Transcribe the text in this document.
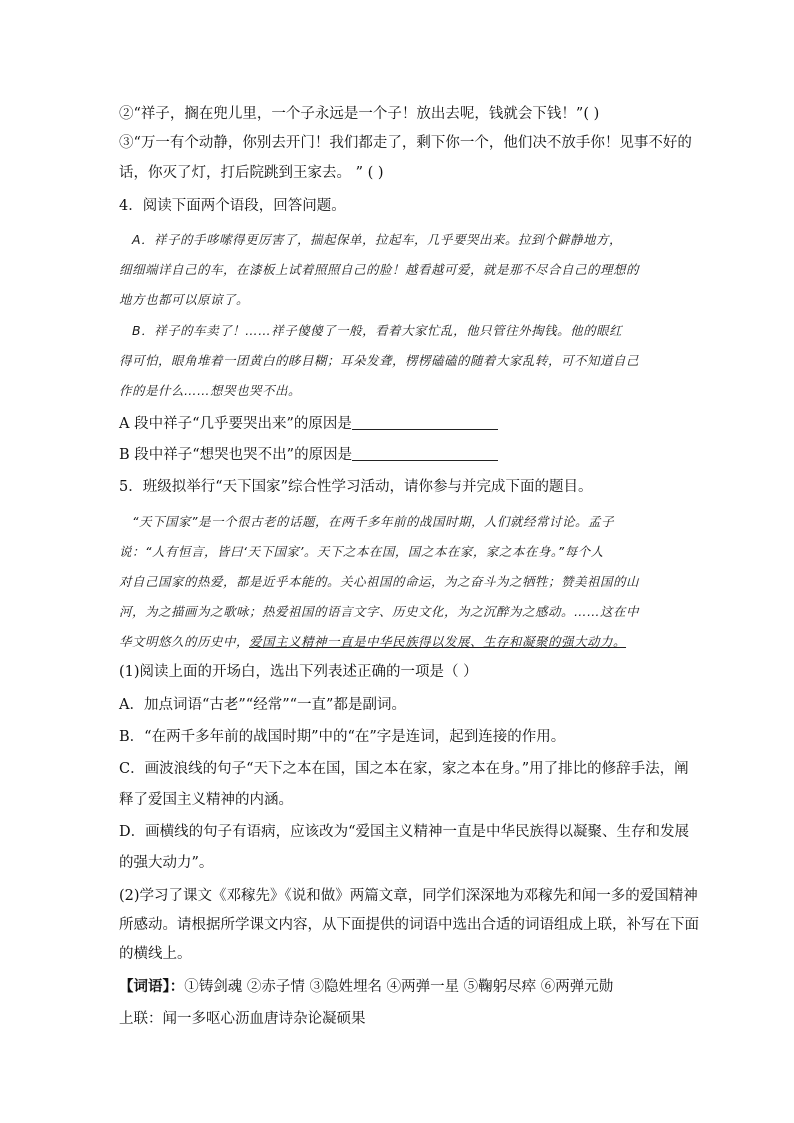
②“祥子，搁在兜儿里，一个子永远是一个子！放出去呢，钱就会下钱！”( )
③“万一有个动静，你别去开门！我们都走了，剩下你一个，他们决不放手你！见事不好的
话，你灭了灯，打后院跳到王家去。 ” ( )
4．阅读下面两个语段，回答问题。
　A．祥子的手哆嗦得更厉害了，揣起保单，拉起车，几乎要哭出来。拉到个僻静地方，
细细端详自己的车，在漆板上试着照照自己的脸！越看越可爱，就是那不尽合自己的理想的
地方也都可以原谅了。
　B．祥子的车卖了！……祥子傻傻了一般，看着大家忙乱，他只管往外掏钱。他的眼红
得可怕，眼角堆着一团黄白的眵目糊；耳朵发聋，楞楞磕磕的随着大家乱转，可不知道自己
作的是什么……想哭也哭不出。
A 段中祥子“几乎要哭出来”的原因是
B 段中祥子“想哭也哭不出”的原因是
5．班级拟举行“天下国家”综合性学习活动，请你参与并完成下面的题目。
　“天下国家”是一个很古老的话题，在两千多年前的战国时期，人们就经常讨论。孟子
说：“人有恒言，皆曰‘天下国家’。天下之本在国，国之本在家，家之本在身。”每个人
对自己国家的热爱，都是近乎本能的。关心祖国的命运，为之奋斗为之牺牲；赞美祖国的山
河，为之描画为之歌咏；热爱祖国的语言文字、历史文化，为之沉醉为之感动。……这在中
华文明悠久的历史中，爱国主义精神一直是中华民族得以发展、生存和凝聚的强大动力。
(1)阅读上面的开场白，选出下列表述正确的一项是（ ）
A．加点词语“古老”“经常”“一直”都是副词。
B．“在两千多年前的战国时期”中的“在”字是连词，起到连接的作用。
C．画波浪线的句子“天下之本在国，国之本在家，家之本在身。”用了排比的修辞手法，阐
释了爱国主义精神的内涵。
D．画横线的句子有语病，应该改为“爱国主义精神一直是中华民族得以凝聚、生存和发展
的强大动力”。
(2)学习了课文《邓稼先》《说和做》两篇文章，同学们深深地为邓稼先和闻一多的爱国精神
所感动。请根据所学课文内容，从下面提供的词语中选出合适的词语组成上联，补写在下面
的横线上。
【词语】：①铸剑魂 ②赤子情 ③隐姓埋名 ④两弹一星 ⑤鞠躬尽瘁 ⑥两弹元勋
上联：闻一多呕心沥血唐诗杂论凝硕果
